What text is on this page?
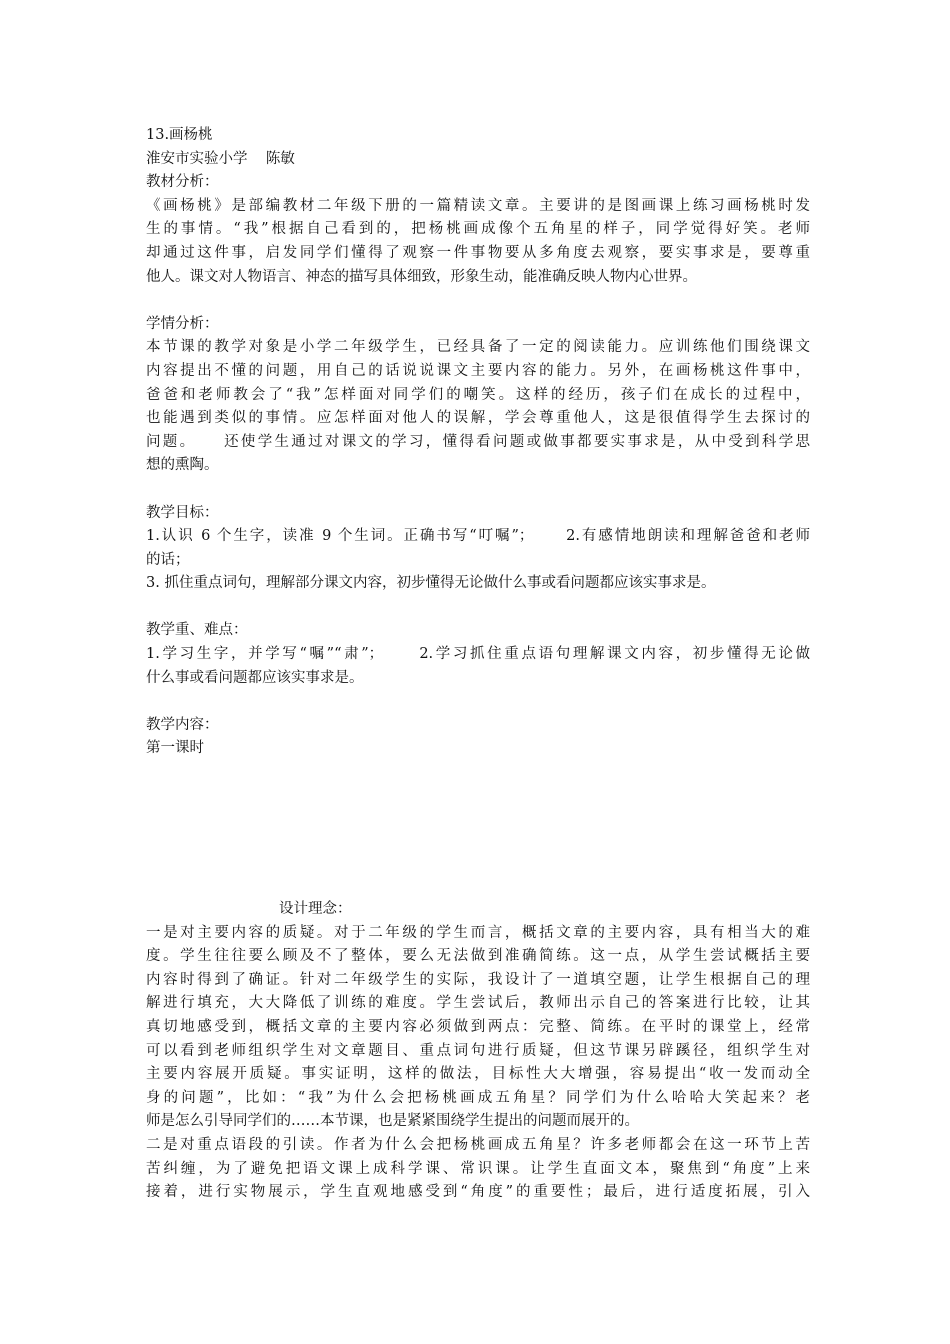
13.画杨桃
淮安市实验小学    陈敏
教材分析：
《画杨桃》是部编教材二年级下册的一篇精读文章。主要讲的是图画课上练习画杨桃时发
生的事情。“我”根据自己看到的，把杨桃画成像个五角星的样子，同学觉得好笑。老师
却通过这件事，启发同学们懂得了观察一件事物要从多角度去观察，要实事求是，要尊重
他人。课文对人物语言、神态的描写具体细致，形象生动，能准确反映人物内心世界。
学情分析：
本节课的教学对象是小学二年级学生，已经具备了一定的阅读能力。应训练他们围绕课文
内容提出不懂的问题，用自己的话说说课文主要内容的能力。另外，在画杨桃这件事中，
爸爸和老师教会了“我”怎样面对同学们的嘲笑。这样的经历，孩子们在成长的过程中，
也能遇到类似的事情。应怎样面对他人的误解，学会尊重他人，这是很值得学生去探讨的
问题。    还使学生通过对课文的学习，懂得看问题或做事都要实事求是，从中受到科学思
想的熏陶。
教学目标：
1.认识 6 个生字，读准 9 个生词。正确书写“叮嘱”；     2.有感情地朗读和理解爸爸和老师
的话；
3. 抓住重点词句，理解部分课文内容，初步懂得无论做什么事或看问题都应该实事求是。
教学重、难点：
1.学习生字，并学写“嘱”“肃”；     2.学习抓住重点语句理解课文内容，初步懂得无论做
什么事或看问题都应该实事求是。
教学内容：
第一课时
设计理念：
一是对主要内容的质疑。对于二年级的学生而言，概括文章的主要内容，具有相当大的难
度。学生往往要么顾及不了整体，要么无法做到准确简练。这一点，从学生尝试概括主要
内容时得到了确证。针对二年级学生的实际，我设计了一道填空题，让学生根据自己的理
解进行填充，大大降低了训练的难度。学生尝试后，教师出示自己的答案进行比较，让其
真切地感受到，概括文章的主要内容必须做到两点：完整、简练。在平时的课堂上，经常
可以看到老师组织学生对文章题目、重点词句进行质疑，但这节课另辟蹊径，组织学生对
主要内容展开质疑。事实证明，这样的做法，目标性大大增强，容易提出“收一发而动全
身的问题”，比如：“我”为什么会把杨桃画成五角星？同学们为什么哈哈大笑起来？老
师是怎么引导同学们的……本节课，也是紧紧围绕学生提出的问题而展开的。
二是对重点语段的引读。作者为什么会把杨桃画成五角星？许多老师都会在这一环节上苦
苦纠缠，为了避免把语文课上成科学课、常识课。让学生直面文本，聚焦到“角度”上来
接着，进行实物展示，学生直观地感受到“角度”的重要性；最后，进行适度拓展，引入
